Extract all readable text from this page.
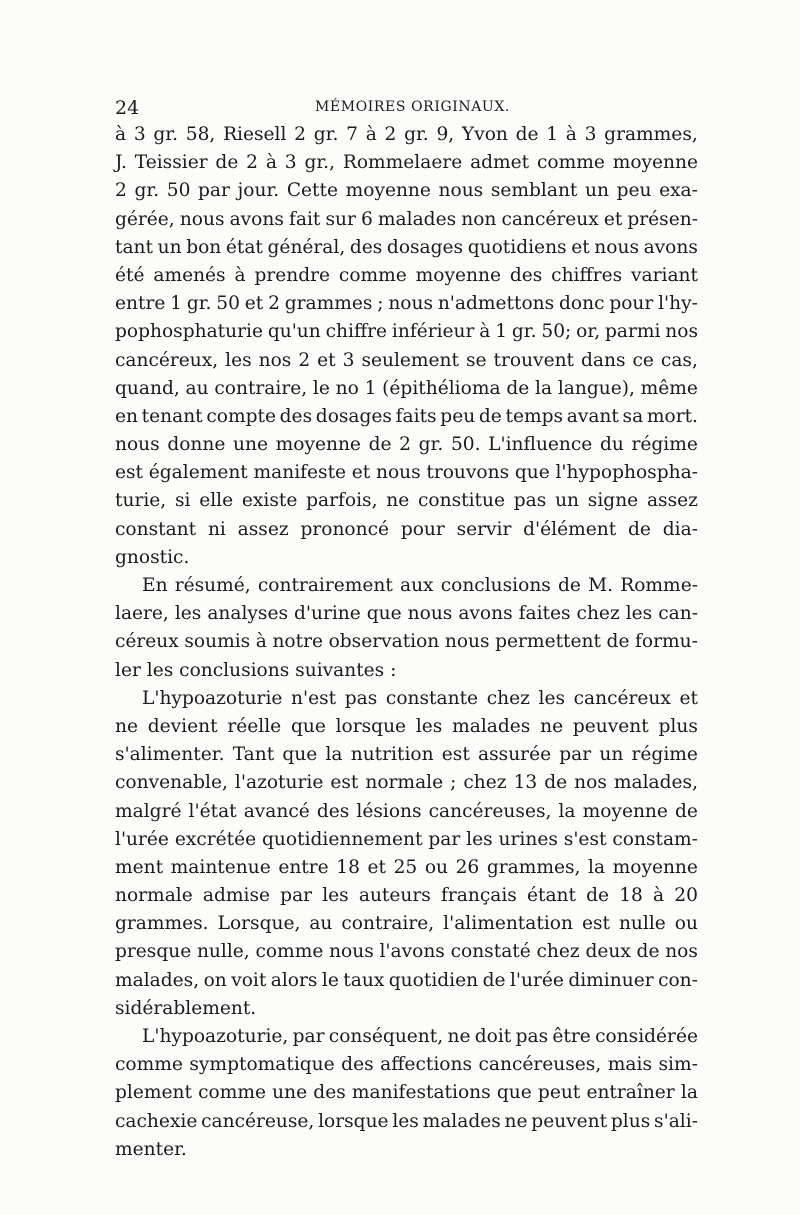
24	MÉMOIRES ORIGINAUX.
à 3 gr. 58, Riesell 2 gr. 7 à 2 gr. 9, Yvon de 1 à 3 grammes,
J. Teissier de 2 à 3 gr., Rommelaere admet comme moyenne
2 gr. 50 par jour. Cette moyenne nous semblant un peu exa-
gérée, nous avons fait sur 6 malades non cancéreux et présen-
tant un bon état général, des dosages quotidiens et nous avons
été amenés à prendre comme moyenne des chiffres variant
entre 1 gr. 50 et 2 grammes ; nous n'admettons donc pour l'hy-
pophosphaturie qu'un chiffre inférieur à 1 gr. 50; or, parmi nos
cancéreux, les nos 2 et 3 seulement se trouvent dans ce cas,
quand, au contraire, le no 1 (épithélioma de la langue), même
en tenant compte des dosages faits peu de temps avant sa mort.
nous donne une moyenne de 2 gr. 50. L'influence du régime
est également manifeste et nous trouvons que l'hypophospha-
turie, si elle existe parfois, ne constitue pas un signe assez
constant ni assez prononcé pour servir d'élément de dia-
gnostic.
En résumé, contrairement aux conclusions de M. Romme-
laere, les analyses d'urine que nous avons faites chez les can-
céreux soumis à notre observation nous permettent de formu-
ler les conclusions suivantes :
L'hypoazoturie n'est pas constante chez les cancéreux et
ne devient réelle que lorsque les malades ne peuvent plus
s'alimenter. Tant que la nutrition est assurée par un régime
convenable, l'azoturie est normale ; chez 13 de nos malades,
malgré l'état avancé des lésions cancéreuses, la moyenne de
l'urée excrétée quotidiennement par les urines s'est constam-
ment maintenue entre 18 et 25 ou 26 grammes, la moyenne
normale admise par les auteurs français étant de 18 à 20
grammes. Lorsque, au contraire, l'alimentation est nulle ou
presque nulle, comme nous l'avons constaté chez deux de nos
malades, on voit alors le taux quotidien de l'urée diminuer con-
sidérablement.
L'hypoazoturie, par conséquent, ne doit pas être considérée
comme symptomatique des affections cancéreuses, mais sim-
plement comme une des manifestations que peut entraîner la
cachexie cancéreuse, lorsque les malades ne peuvent plus s'ali-
menter.
